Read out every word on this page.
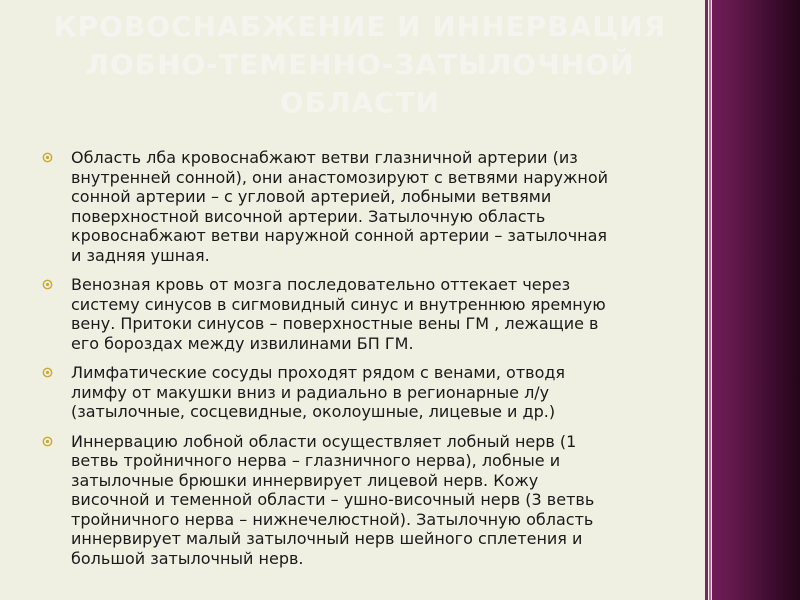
КРОВОСНАБЖЕНИЕ И ИННЕРВАЦИЯ
ЛОБНО-ТЕМЕННО-ЗАТЫЛОЧНОЙ
ОБЛАСТИ
Область лба кровоснабжают ветви глазничной артерии (из
внутренней сонной), они анастомозируют с ветвями наружной
сонной артерии – с угловой артерией, лобными ветвями
поверхностной височной артерии. Затылочную область
кровоснабжают ветви наружной сонной артерии – затылочная
и задняя ушная.
Венозная кровь от мозга последовательно оттекает через
систему синусов в сигмовидный синус и внутреннюю яремную
вену. Притоки синусов – поверхностные вены ГМ , лежащие в
его бороздах между извилинами БП ГМ.
Лимфатические сосуды проходят рядом с венами, отводя
лимфу от макушки вниз и радиально в регионарные л/у
(затылочные, сосцевидные, околоушные, лицевые и др.)
Иннервацию лобной области осуществляет лобный нерв (1
ветвь тройничного нерва – глазничного нерва), лобные и
затылочные брюшки иннервирует лицевой нерв. Кожу
височной и теменной области – ушно-височный нерв (3 ветвь
тройничного нерва – нижнечелюстной). Затылочную область
иннервирует малый затылочный нерв шейного сплетения и
большой затылочный нерв.
